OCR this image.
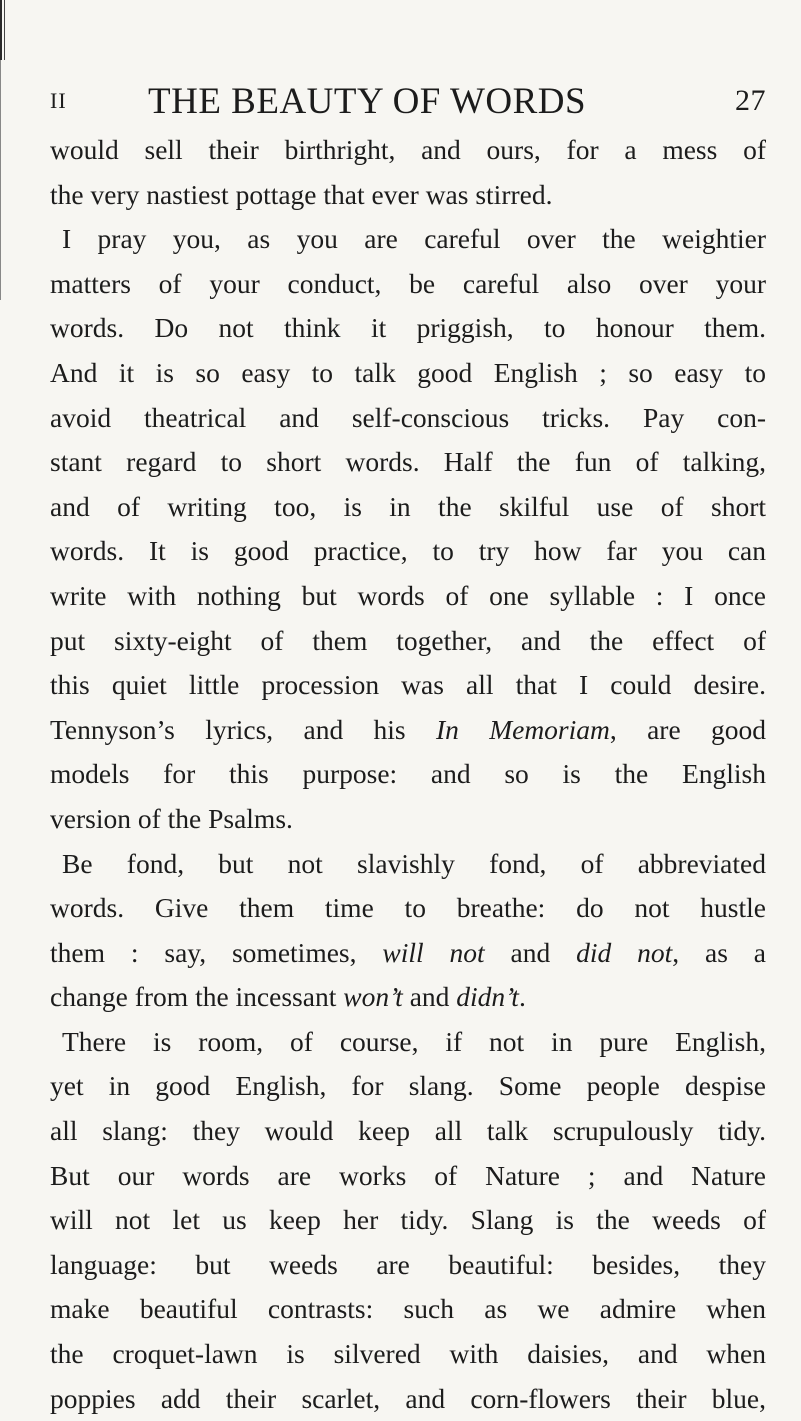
II THE BEAUTY OF WORDS	27
would sell their birthright, and ours, for a mess of
the very nastiest pottage that ever was stirred.
I pray you, as you are careful over the weightier
matters of your conduct, be careful also over your
words. Do not think it priggish, to honour them.
And it is so easy to talk good English ; so easy to
avoid theatrical and self-conscious tricks. Pay con-
stant regard to short words. Half the fun of talking,
and of writing too, is in the skilful use of short
words. It is good practice, to try how far you can
write with nothing but words of one syllable : I once
put sixty-eight of them together, and the effect of
this quiet little procession was all that I could desire.
Tennyson’s lyrics, and his In Memoriam, are good
models for this purpose: and so is the English
version of the Psalms.
Be fond, but not slavishly fond, of abbreviated
words. Give them time to breathe: do not hustle
them : say, sometimes, will not and did not, as a
change from the incessant won’t and didn’t.
There is room, of course, if not in pure English,
yet in good English, for slang. Some people despise
all slang: they would keep all talk scrupulously tidy.
But our words are works of Nature ; and Nature
will not let us keep her tidy. Slang is the weeds of
language: but weeds are beautiful: besides, they
make beautiful contrasts: such as we admire when
the croquet-lawn is silvered with daisies, and when
poppies add their scarlet, and corn-flowers their blue,
